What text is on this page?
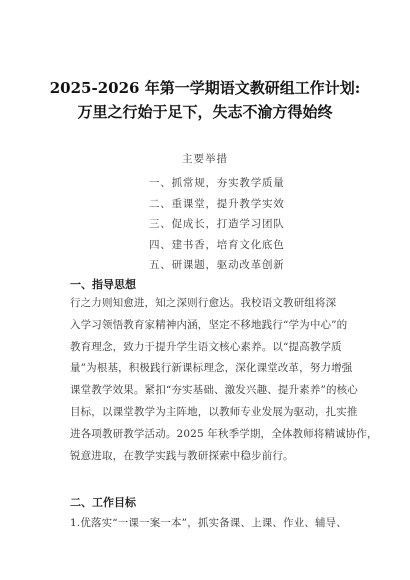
2025-2026 年第一学期语文教研组工作计划:
万里之行始于足下，失志不渝方得始终
主要举措
一、抓常规，夯实教学质量
二、重课堂，提升教学实效
三、促成长，打造学习团队
四、建书香，培育文化底色
五、研课题，驱动改革创新
一、指导思想
行之力则知愈进，知之深则行愈达。我校语文教研组将深
入学习领悟教育家精神内涵，坚定不移地践行“学为中心”的
教育理念，致力于提升学生语文核心素养。以“提高教学质
量”为根基，积极践行新课标理念，深化课堂改革，努力增强
课堂教学效果。紧扣“夯实基础、激发兴趣、提升素养”的核心
目标，以课堂教学为主阵地，以教师专业发展为驱动，扎实推
进各项教研教学活动。2025 年秋季学期，全体教师将精诚协作，
锐意进取，在教学实践与教研探索中稳步前行。
二、工作目标
1.优落实“一课一案一本”，抓实备课、上课、作业、辅导、
